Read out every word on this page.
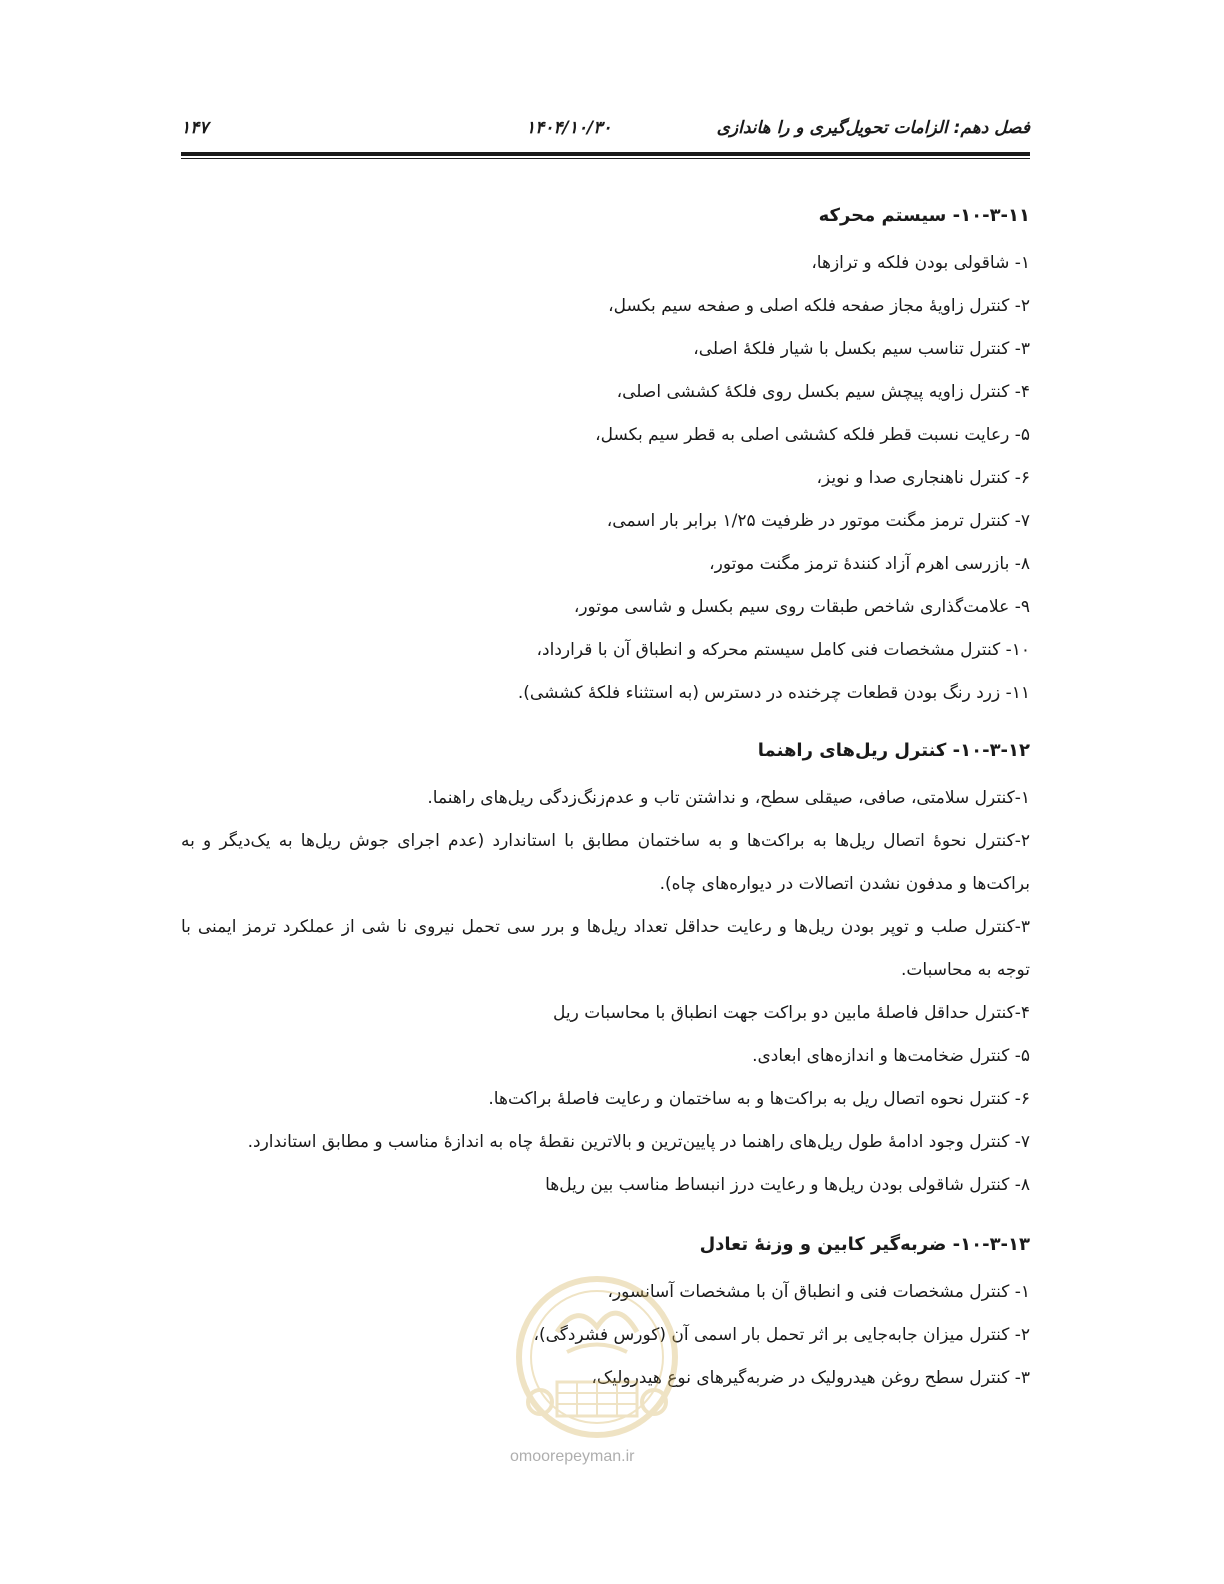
فصل دهم: الزامات تحویل‌گیری و را هاندازی
۱۴۰۴/۱۰/۳۰
۱۴۷
۱۰-۳-۱۱- سیستم محرکه
۱- شاقولی بودن فلکه و ترازها،
۲- کنترل زاویهٔ مجاز صفحه فلکه اصلی و صفحه سیم بکسل،
۳- کنترل تناسب سیم بکسل با شیار فلکهٔ اصلی،
۴- کنترل زاویه پیچش سیم بکسل روی فلکهٔ کششی اصلی،
۵- رعایت نسبت قطر فلکه کششی اصلی به قطر سیم بکسل،
۶- کنترل ناهنجاری صدا و نویز،
۷- کنترل ترمز مگنت موتور در ظرفیت ۱/۲۵ برابر بار اسمی،
۸- بازرسی اهرم آزاد کنندهٔ ترمز مگنت موتور،
۹- علامت‌گذاری شاخص طبقات روی سیم بکسل و شاسی موتور،
۱۰- کنترل مشخصات فنی کامل سیستم محرکه و انطباق آن با قرارداد،
۱۱- زرد رنگ بودن قطعات چرخنده در دسترس (به استثناء فلکهٔ کششی).
۱۰-۳-۱۲- کنترل ریل‌های راهنما
۱-کنترل سلامتی، صافی، صیقلی سطح، و نداشتن تاب و عدم‌زنگ‌زدگی ریل‌های راهنما.
۲-کنترل نحوهٔ اتصال ریل‌ها به براکت‌ها و به ساختمان مطابق با استاندارد (عدم اجرای جوش ریل‌ها به یک‌دیگر و به براکت‌ها و مدفون نشدن اتصالات در دیواره‌های چاه).
۳-کنترل صلب و توپر بودن ریل‌ها و رعایت حداقل تعداد ریل‌ها و برر سی تحمل نیروی نا شی از عملکرد ترمز ایمنی با توجه به محاسبات.
۴-کنترل حداقل فاصلهٔ مابین دو براکت جهت انطباق با محاسبات ریل
۵- کنترل ضخامت‌ها و اندازه‌های ابعادی.
۶- کنترل نحوه اتصال ریل به براکت‌ها و به ساختمان و رعایت فاصلهٔ براکت‌ها.
۷- کنترل وجود ادامهٔ طول ریل‌های راهنما در پایین‌ترین و بالاترین نقطهٔ چاه به اندازهٔ مناسب و مطابق استاندارد.
۸- کنترل شاقولی بودن ریل‌ها و رعایت درز انبساط مناسب بین ریل‌ها
۱۰-۳-۱۳- ضربه‌گیر کابین و وزنهٔ تعادل
۱- کنترل مشخصات فنی و انطباق آن با مشخصات آسانسور،
۲- کنترل میزان جابه‌جایی بر اثر تحمل بار اسمی آن (کورس فشردگی)،
۳- کنترل سطح روغن هیدرولیک در ضربه‌گیرهای نوع هیدرولیک،
omoorepeyman.ir
